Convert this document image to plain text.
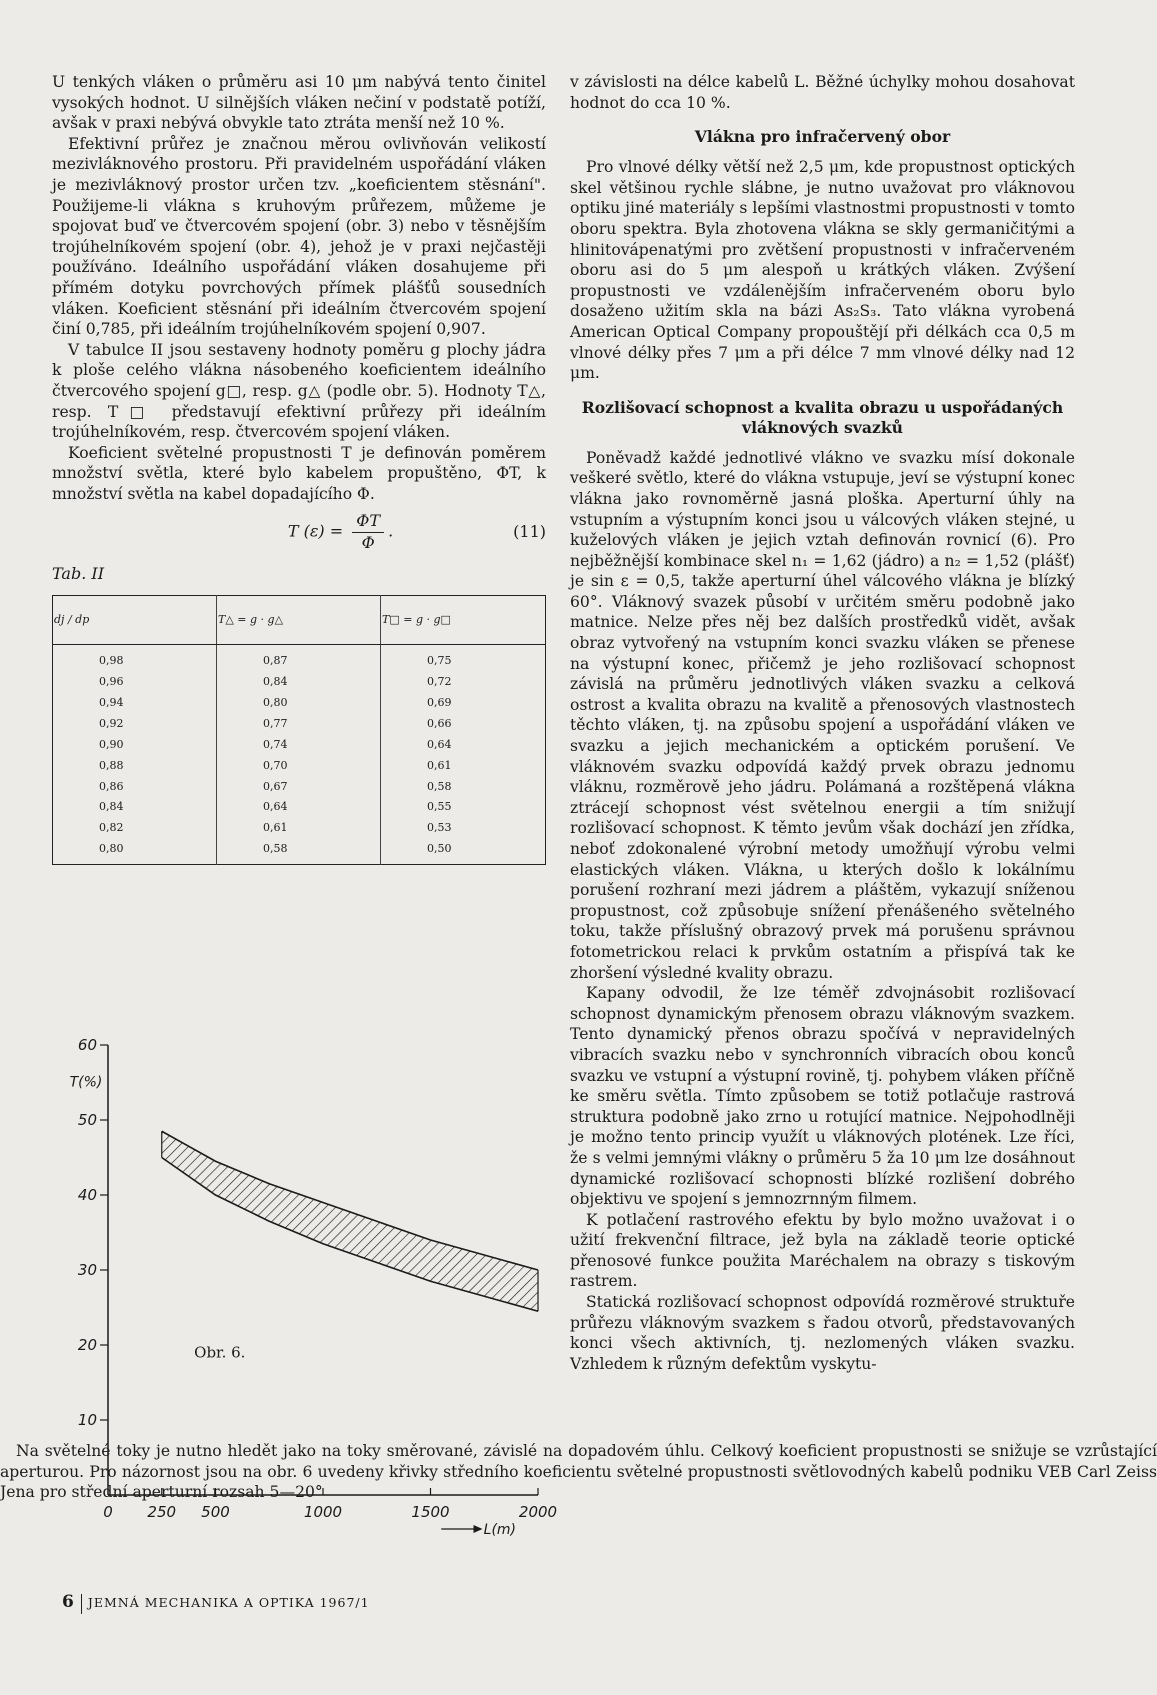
U tenkých vláken o průměru asi 10 μm nabývá tento činitel vysokých hodnot. U silnějších vláken nečiní v podstatě potíží, avšak v praxi nebývá obvykle tato ztráta menší než 10 %.

Efektivní průřez je značnou měrou ovlivňován velikostí mezivláknového prostoru. Při pravidelném uspořádání vláken je mezivláknový prostor určen tzv. „koeficientem stěsnání". Použijeme-li vlákna s kruhovým průřezem, můžeme je spojovat buď ve čtvercovém spojení (obr. 3) nebo v těsnějším trojúhelníkovém spojení (obr. 4), jehož je v praxi nejčastěji používáno. Ideálního uspořádání vláken dosahujeme při přímém dotyku povrchových přímek plášťů sousedních vláken. Koeficient stěsnání při ideálním čtvercovém spojení činí 0,785, při ideálním trojúhelníkovém spojení 0,907.

V tabulce II jsou sestaveny hodnoty poměru g plochy jádra k ploše celého vlákna násobeného koeficientem ideálního čtvercového spojení g□, resp. g△ (podle obr. 5). Hodnoty T△, resp. T□ představují efektivní průřezy při ideálním trojúhelníkovém, resp. čtvercovém spojení vláken.

Koeficient světelné propustnosti T je definován poměrem množství světla, které bylo kabelem propuštěno, ΦT, k množství světla na kabel dopadajícího Φ.

T $(\varepsilon) = \frac{\Phi T}{\Phi}$ .	(11)
Tab. II
dj / dp	T△ = g · g△	T□ = g · g□
0,98	0,87	0,75
0,96	0,84	0,72
0,94	0,80	0,69
0,92	0,77	0,66
0,90	0,74	0,64
0,88	0,70	0,61
0,86	0,67	0,58
0,84	0,64	0,55
0,82	0,61	0,53
0,80	0,58	0,50
10
20
30
40
50
60
0 250 500	1000	1500	2000
T(%)
L(m)
Obr. 6.

Na světelné toky je nutno hledět jako na toky směrované, závislé na dopadovém úhlu. Celkový koeficient propustnosti se snižuje se vzrůstající aperturou. Pro názornost jsou na obr. 6 uvedeny křivky středního koeficientu světelné propustnosti světlovodných kabelů podniku VEB Carl Zeiss Jena pro střední aperturní rozsah 5—20°

v závislosti na délce kabelů L. Běžné úchylky mohou dosahovat hodnot do cca 10 %.

Vlákna pro infračervený obor

Pro vlnové délky větší než 2,5 μm, kde propustnost optických skel většinou rychle slábne, je nutno uvažovat pro vláknovou optiku jiné materiály s lepšími vlastnostmi propustnosti v tomto oboru spektra. Byla zhotovena vlákna se skly germaničitými a hlinitovápenatými pro zvětšení propustnosti v infračerveném oboru asi do 5 μm alespoň u krátkých vláken. Zvýšení propustnosti ve vzdálenějším infračerveném oboru bylo dosaženo užitím skla na bázi As₂S₃. Tato vlákna vyrobená American Optical Company propouštějí při délkách cca 0,5 m vlnové délky přes 7 μm a při délce 7 mm vlnové délky nad 12 μm.

Rozlišovací schopnost a kvalita obrazu u uspořádaných vláknových svazků

Poněvadž každé jednotlivé vlákno ve svazku mísí dokonale veškeré světlo, které do vlákna vstupuje, jeví se výstupní konec vlákna jako rovnoměrně jasná ploška. Aperturní úhly na vstupním a výstupním konci jsou u válcových vláken stejné, u kuželových vláken je jejich vztah definován rovnicí (6). Pro nejběžnější kombinace skel n₁ = 1,62 (jádro) a n₂ = 1,52 (plášť) je sin ε = 0,5, takže aperturní úhel válcového vlákna je blízký 60°. Vláknový svazek působí v určitém směru podobně jako matnice. Nelze přes něj bez dalších prostředků vidět, avšak obraz vytvořený na vstupním konci svazku vláken se přenese na výstupní konec, přičemž je jeho rozlišovací schopnost závislá na průměru jednotlivých vláken svazku a celková ostrost a kvalita obrazu na kvalitě a přenosových vlastnostech těchto vláken, tj. na způsobu spojení a uspořádání vláken ve svazku a jejich mechanickém a optickém porušení. Ve vláknovém svazku odpovídá každý prvek obrazu jednomu vláknu, rozměrově jeho jádru. Polámaná a rozštěpená vlákna ztrácejí schopnost vést světelnou energii a tím snižují rozlišovací schopnost. K těmto jevům však dochází jen zřídka, neboť zdokonalené výrobní metody umožňují výrobu velmi elastických vláken. Vlákna, u kterých došlo k lokálnímu porušení rozhraní mezi jádrem a pláštěm, vykazují sníženou propustnost, což způsobuje snížení přenášeného světelného toku, takže příslušný obrazový prvek má porušenu správnou fotometrickou relaci k prvkům ostatním a přispívá tak ke zhoršení výsledné kvality obrazu.

Kapany odvodil, že lze téměř zdvojnásobit rozlišovací schopnost dynamickým přenosem obrazu vláknovým svazkem. Tento dynamický přenos obrazu spočívá v nepravidelných vibracích svazku nebo v synchronních vibracích obou konců svazku ve vstupní a výstupní rovině, tj. pohybem vláken příčně ke směru světla. Tímto způsobem se totiž potlačuje rastrová struktura podobně jako zrno u rotující matnice. Nejpohodlněji je možno tento princip využít u vláknových plotének. Lze říci, že s velmi jemnými vlákny o průměru 5 ža 10 μm lze dosáhnout dynamické rozlišovací schopnosti blízké rozlišení dobrého objektivu ve spojení s jemnozrnným filmem.

K potlačení rastrového efektu by bylo možno uvažovat i o užití frekvenční filtrace, jež byla na základě teorie optické přenosové funkce použita Maréchalem na obrazy s tiskovým rastrem.

Statická rozlišovací schopnost odpovídá rozměrové struktuře průřezu vláknovým svazkem s řadou otvorů, představovaných konci všech aktivních, tj. nezlomených vláken svazku. Vzhledem k různým defektům vyskytu-

6 JEMNÁ MECHANIKA A OPTIKA 1967/1
